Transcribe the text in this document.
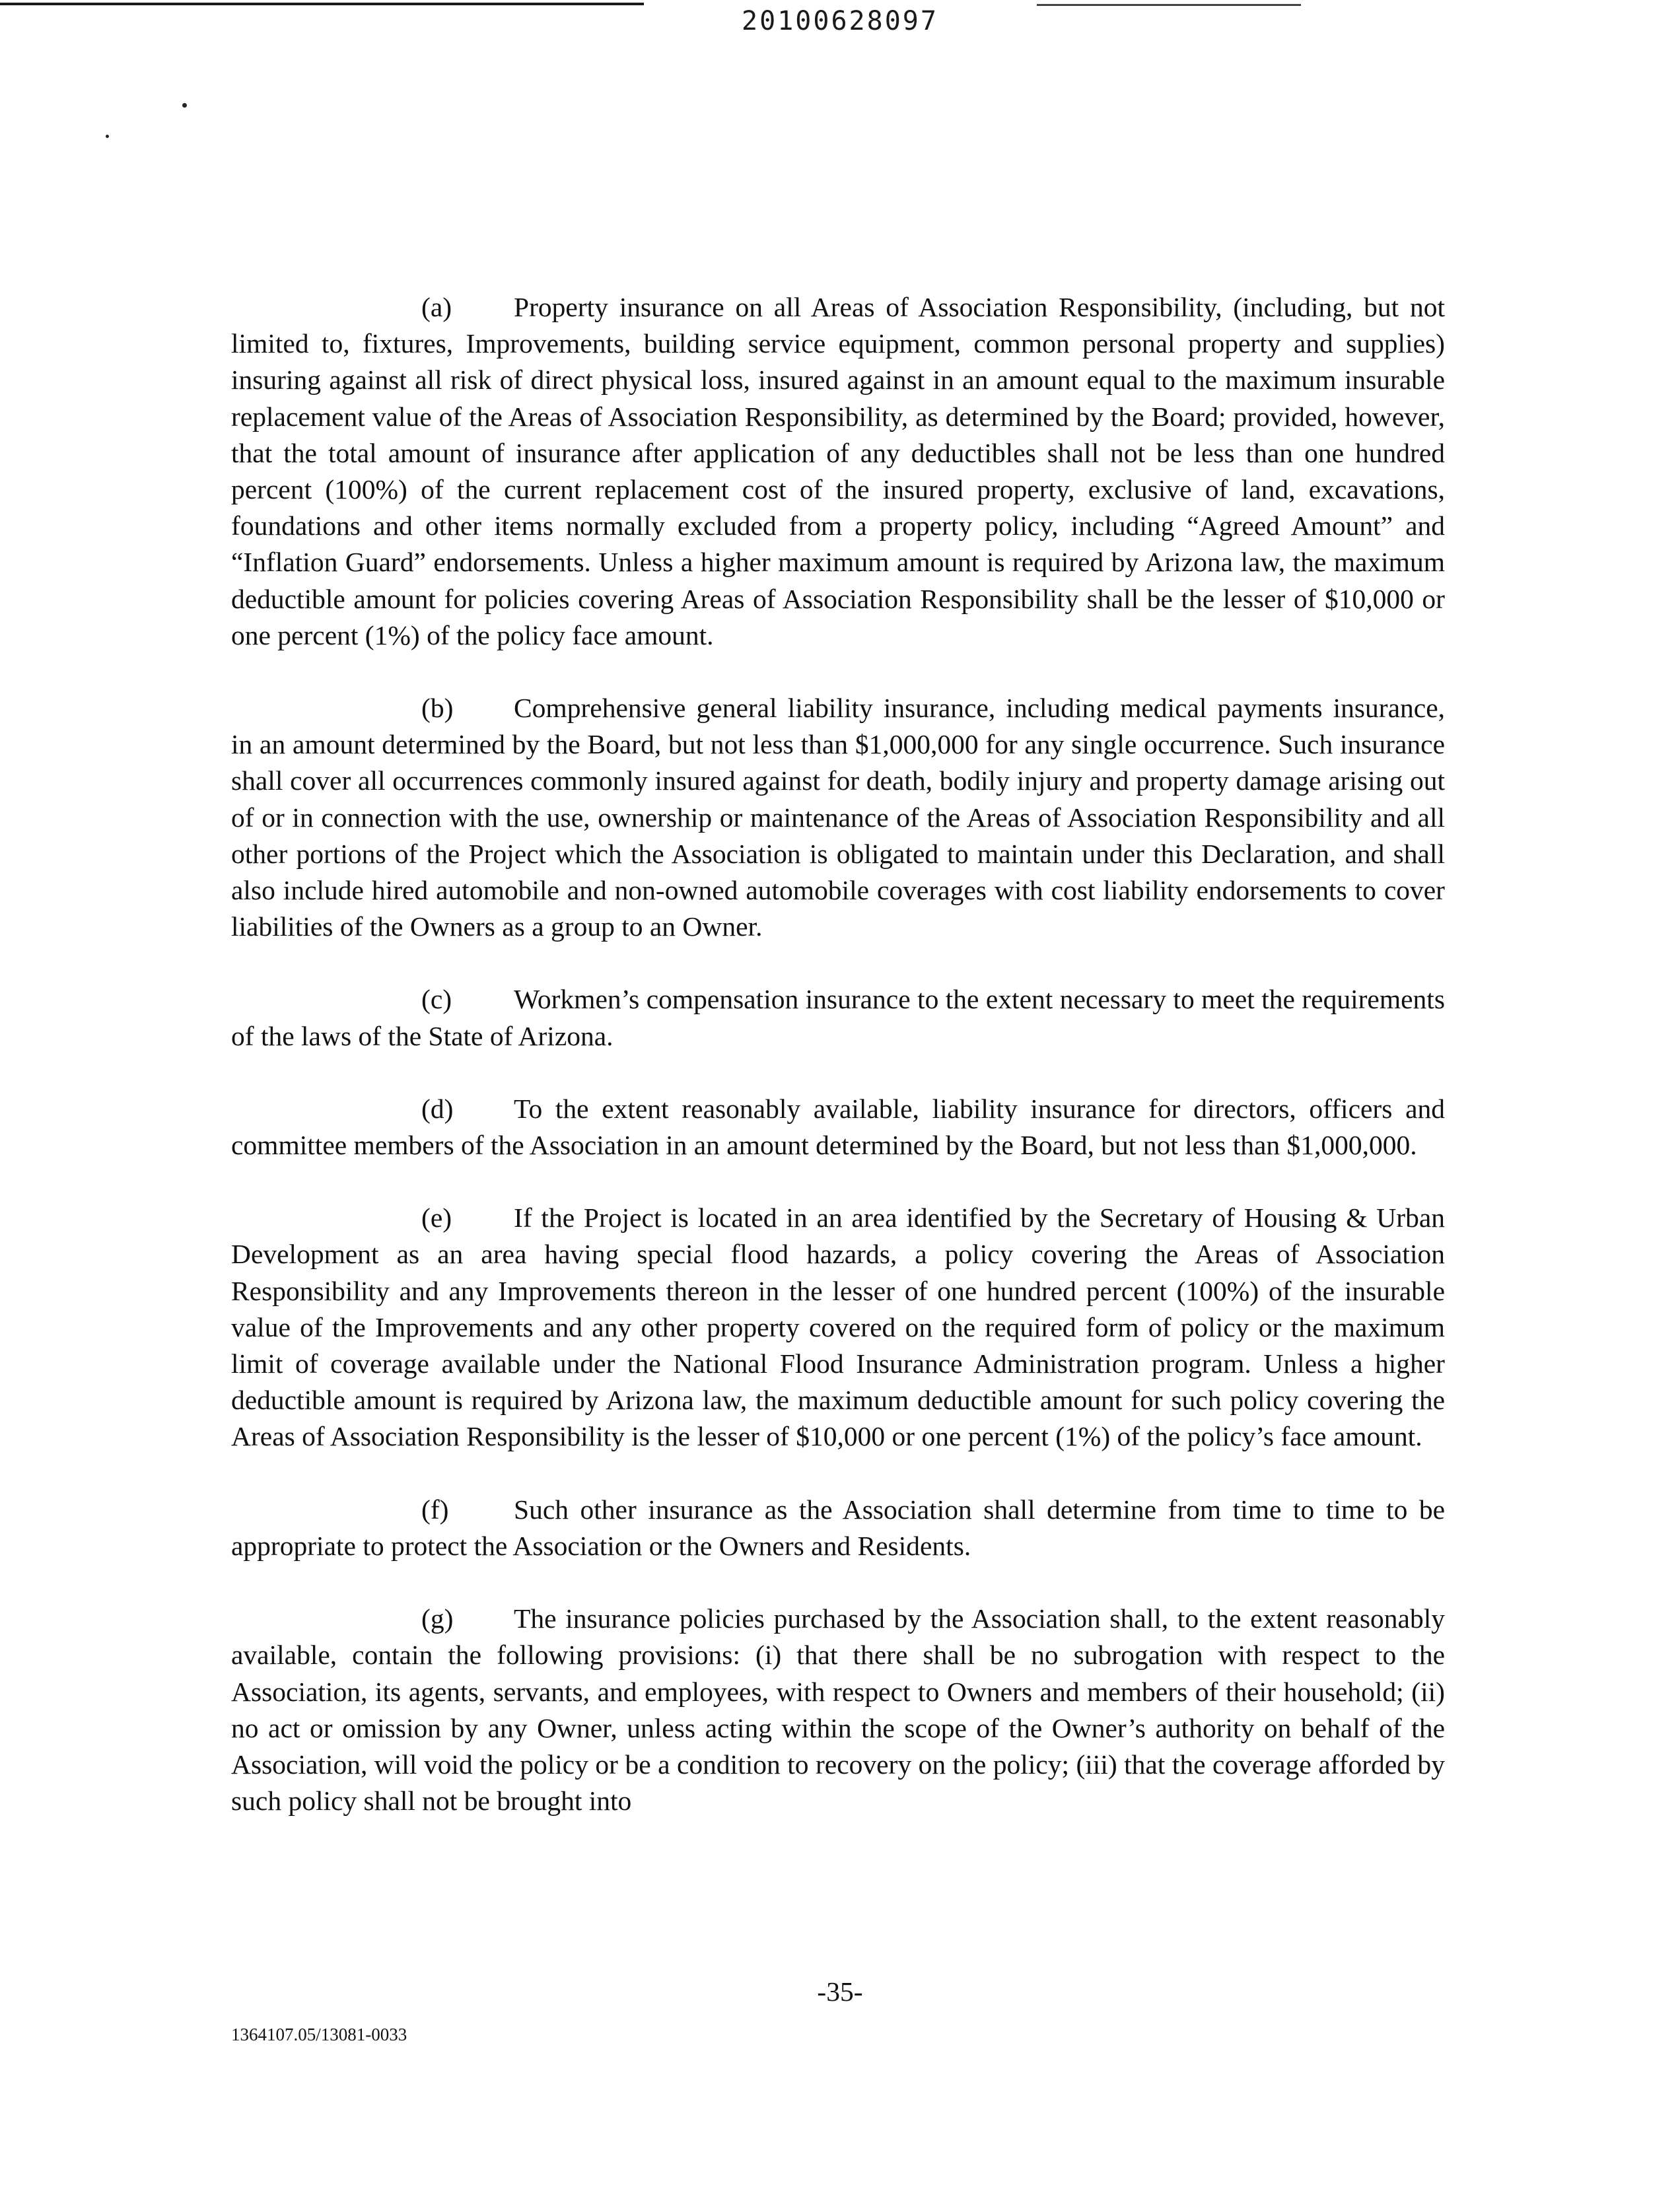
20100628097

(a) Property insurance on all Areas of Association Responsibility, (including, but not limited to, fixtures, Improvements, building service equipment, common personal property and supplies) insuring against all risk of direct physical loss, insured against in an amount equal to the maximum insurable replacement value of the Areas of Association Responsibility, as determined by the Board; provided, however, that the total amount of insurance after application of any deductibles shall not be less than one hundred percent (100%) of the current replacement cost of the insured property, exclusive of land, excavations, foundations and other items normally excluded from a property policy, including “Agreed Amount” and “Inflation Guard” endorsements. Unless a higher maximum amount is required by Arizona law, the maximum deductible amount for policies covering Areas of Association Responsibility shall be the lesser of $10,000 or one percent (1%) of the policy face amount.

(b) Comprehensive general liability insurance, including medical payments insurance, in an amount determined by the Board, but not less than $1,000,000 for any single occurrence. Such insurance shall cover all occurrences commonly insured against for death, bodily injury and property damage arising out of or in connection with the use, ownership or maintenance of the Areas of Association Responsibility and all other portions of the Project which the Association is obligated to maintain under this Declaration, and shall also include hired automobile and non-owned automobile coverages with cost liability endorsements to cover liabilities of the Owners as a group to an Owner.

(c) Workmen’s compensation insurance to the extent necessary to meet the requirements of the laws of the State of Arizona.

(d) To the extent reasonably available, liability insurance for directors, officers and committee members of the Association in an amount determined by the Board, but not less than $1,000,000.

(e) If the Project is located in an area identified by the Secretary of Housing & Urban Development as an area having special flood hazards, a policy covering the Areas of Association Responsibility and any Improvements thereon in the lesser of one hundred percent (100%) of the insurable value of the Improvements and any other property covered on the required form of policy or the maximum limit of coverage available under the National Flood Insurance Administration program. Unless a higher deductible amount is required by Arizona law, the maximum deductible amount for such policy covering the Areas of Association Responsibility is the lesser of $10,000 or one percent (1%) of the policy’s face amount.

(f) Such other insurance as the Association shall determine from time to time to be appropriate to protect the Association or the Owners and Residents.

(g) The insurance policies purchased by the Association shall, to the extent reasonably available, contain the following provisions: (i) that there shall be no subrogation with respect to the Association, its agents, servants, and employees, with respect to Owners and members of their household; (ii) no act or omission by any Owner, unless acting within the scope of the Owner’s authority on behalf of the Association, will void the policy or be a condition to recovery on the policy; (iii) that the coverage afforded by such policy shall not be brought into

-35-
1364107.05/13081-0033
